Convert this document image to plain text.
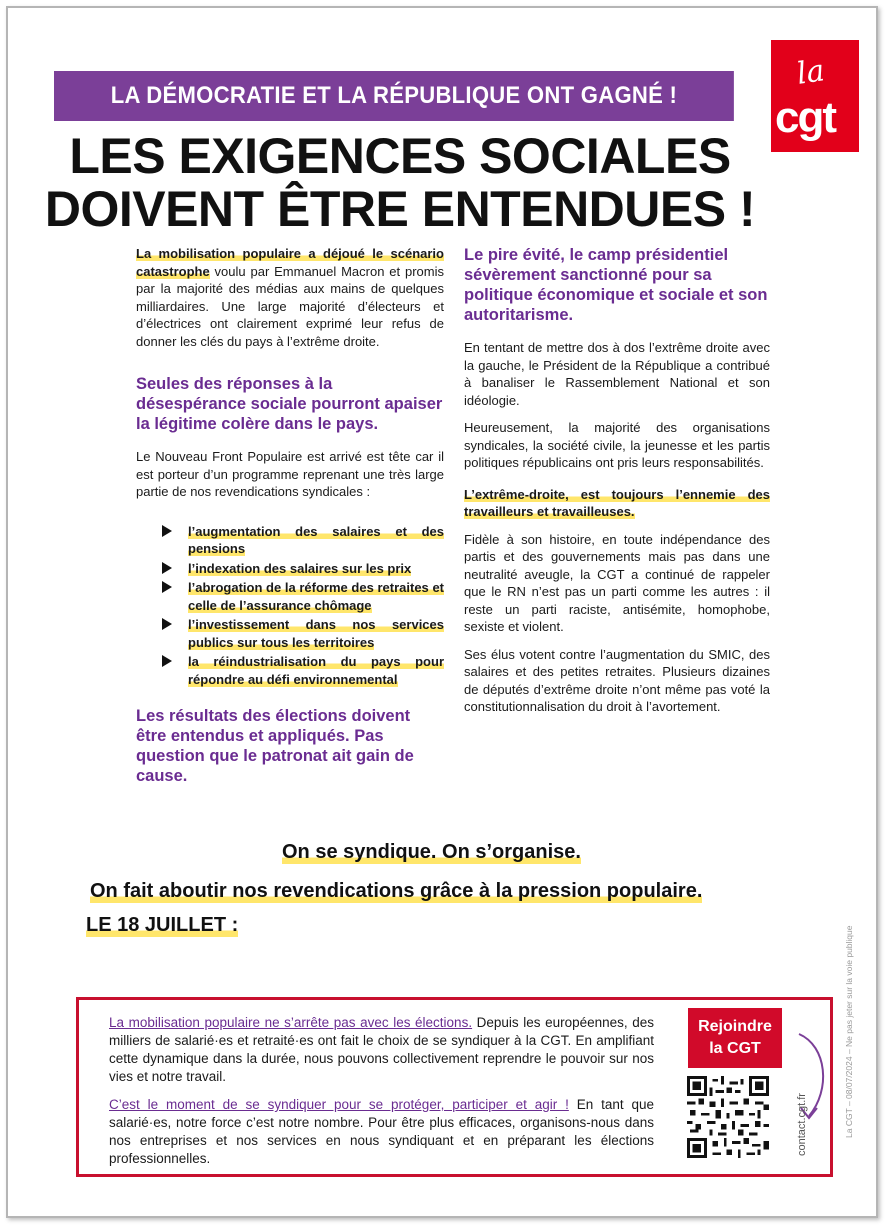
LA DÉMOCRATIE ET LA RÉPUBLIQUE ONT GAGNÉ !
la
cgt
LES EXIGENCES SOCIALES
DOIVENT ÊTRE ENTENDUES !

La mobilisation populaire a déjoué le scénario catastrophe voulu par Emmanuel Macron et promis par la majorité des médias aux mains de quelques milliardaires. Une large majorité d’électeurs et d’électrices ont clairement exprimé leur refus de donner les clés du pays à l’extrême droite.

Seules des réponses à la désespérance sociale pourront apaiser la légitime colère dans le pays.

Le Nouveau Front Populaire est arrivé est tête car il est porteur d’un programme reprenant une très large partie de nos revendications syndicales :

l’augmentation des salaires et des pensions
l’indexation des salaires sur les prix
l’abrogation de la réforme des retraites et celle de l’assurance chômage
l’investissement dans nos services publics sur tous les territoires
la réindustrialisation du pays pour répondre au défi environnemental
Les résultats des élections doivent être entendus et appliqués. Pas question que le patronat ait gain de cause.
Le pire évité, le camp présidentiel sévèrement sanctionné pour sa politique économique et sociale et son autoritarisme.

En tentant de mettre dos à dos l’extrême droite avec la gauche, le Président de la République a contribué à banaliser le Rassemblement National et son idéologie.

Heureusement, la majorité des organisations syndicales, la société civile, la jeunesse et les partis politiques républicains ont pris leurs responsabilités.

L’extrême-droite, est toujours l’ennemie des travailleurs et travailleuses.

Fidèle à son histoire, en toute indépendance des partis et des gouvernements mais pas dans une neutralité aveugle, la CGT a continué de rappeler que le RN n’est pas un parti comme les autres : il reste un parti raciste, antisémite, homophobe, sexiste et violent.

Ses élus votent contre l’augmentation du SMIC, des salaires et des petites retraites. Plusieurs dizaines de députés d’extrême droite n’ont même pas voté la constitutionnalisation du droit à l’avortement.

On se syndique. On s’organise.
On fait aboutir nos revendications grâce à la pression populaire.
LE 18 JUILLET :
La CGT – 08/07/2024 – Ne pas jeter sur la voie publique

La mobilisation populaire ne s’arrête pas avec les élections. Depuis les européennes, des milliers de salarié·es et retraité·es ont fait le choix de se syndiquer à la CGT. En amplifiant cette dynamique dans la durée, nous pouvons collectivement reprendre le pouvoir sur nos vies et notre travail.

C’est le moment de se syndiquer pour se protéger, participer et agir ! En tant que salarié·es, notre force c’est notre nombre. Pour être plus efficaces, organisons-nous dans nos entreprises et nos services en nous syndiquant et en préparant les élections professionnelles.

Rejoindre
la CGT
contact.cgt.fr
